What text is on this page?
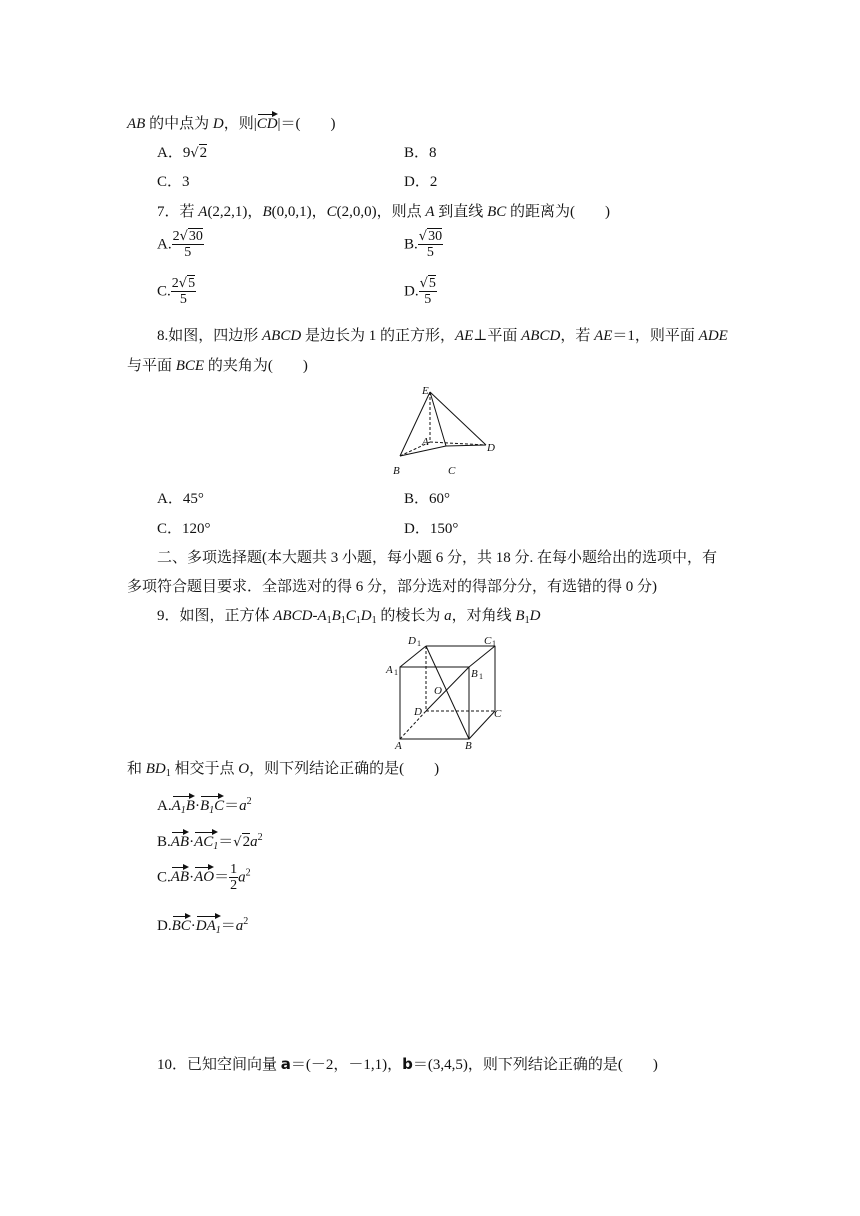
AB 的中点为 D，则|CD|＝(　　)
A．9√2	B．8
C．3	D．2
7．若 A(2,2,1)，B(0,0,1)，C(2,0,0)，则点 A 到直线 BC 的距离为(　　)
A. $\frac{2√30}{5}$	B. $\frac{√30}{5}$
C. $\frac{2√5}{5}$	D. $\frac{√5}{5}$
8.如图，四边形 ABCD 是边长为 1 的正方形，AE⊥平面 ABCD，若 AE＝1，则平面 ADE
与平面 BCE 的夹角为(　　)
E
A	D
B	C
A．45°	B．60°
C．120°	D．150°
二、多项选择题(本大题共 3 小题，每小题 6 分，共 18 分. 在每小题给出的选项中，有
多项符合题目要求．全部选对的得 6 分，部分选对的得部分分，有选错的得 0 分)
9．如图，正方体 ABCD-$A_1B_1C_1D_1$ 的棱长为 a，对角线 $B_1D$
D 1	C 1
A 1	B 1
O
D	C
A	B
和 $BD_1$ 相交于点 O，则下列结论正确的是(　　)
$A.A_1B\cdot B_1C=a^2$
$B.AB\cdot AC_1=√2a^2$
$C.AB\cdot AO= \frac{1}{2} a^2$
$D.BC\cdot DA_1=a^2$
10．已知空间向量 a＝(－2，－1,1)，b＝(3,4,5)，则下列结论正确的是(　　)
